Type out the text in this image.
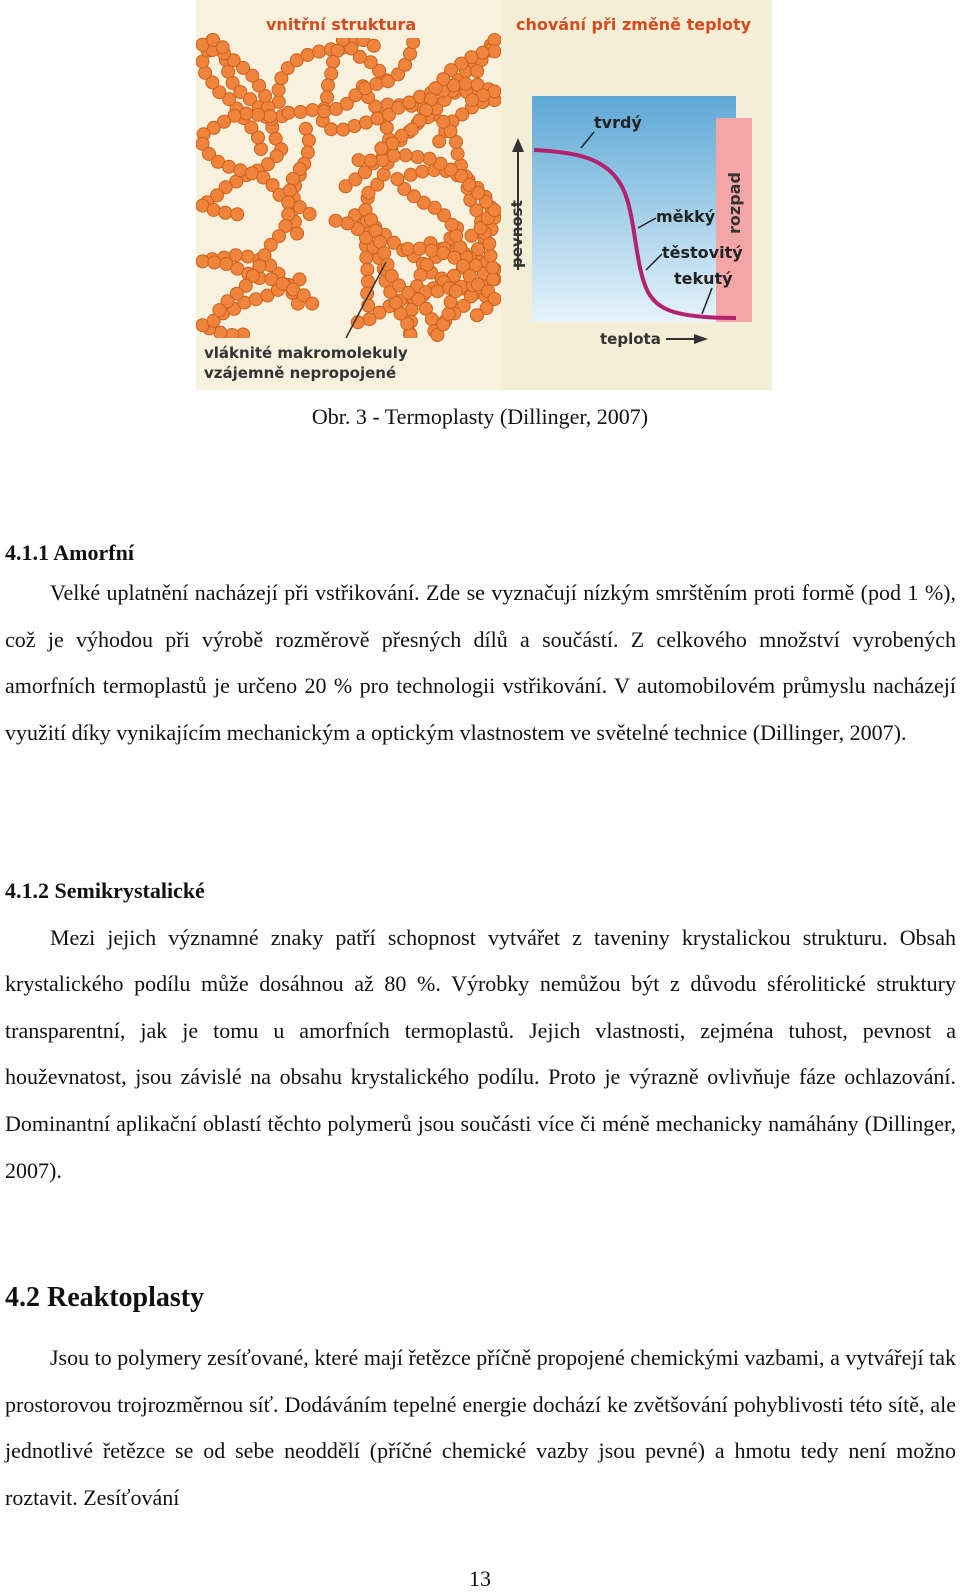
vnitřní struktura
vláknité makromolekuly
vzájemně nepropojené
chování při změně teploty
rozpad
pevnost
teplota
tvrdý
měkký
těstovitý
tekutý
Obr. 3 - Termoplasty (Dillinger, 2007)
4.1.1 Amorfní
Velké uplatnění nacházejí při vstřikování. Zde se vyznačují nízkým smrštěním proti formě (pod 1 %), což je výhodou při výrobě rozměrově přesných dílů a součástí. Z celkového množství vyrobených amorfních termoplastů je určeno 20 % pro technologii vstřikování. V automobilovém průmyslu nacházejí využití díky vynikajícím mechanickým a optickým vlastnostem ve světelné technice (Dillinger, 2007).
4.1.2 Semikrystalické
Mezi jejich významné znaky patří schopnost vytvářet z taveniny krystalickou strukturu. Obsah krystalického podílu může dosáhnou až 80 %. Výrobky nemůžou být z důvodu sférolitické struktury transparentní, jak je tomu u amorfních termoplastů. Jejich vlastnosti, zejména tuhost, pevnost a houževnatost, jsou závislé na obsahu krystalického podílu. Proto je výrazně ovlivňuje fáze ochlazování. Dominantní aplikační oblastí těchto polymerů jsou součásti více či méně mechanicky namáhány (Dillinger, 2007).
4.2 Reaktoplasty
Jsou to polymery zesíťované, které mají řetězce příčně propojené chemickými vazbami, a vytvářejí tak prostorovou trojrozměrnou síť. Dodáváním tepelné energie dochází ke zvětšování pohyblivosti této sítě, ale jednotlivé řetězce se od sebe neoddělí (příčné chemické vazby jsou pevné) a hmotu tedy není možno roztavit. Zesíťování
13
